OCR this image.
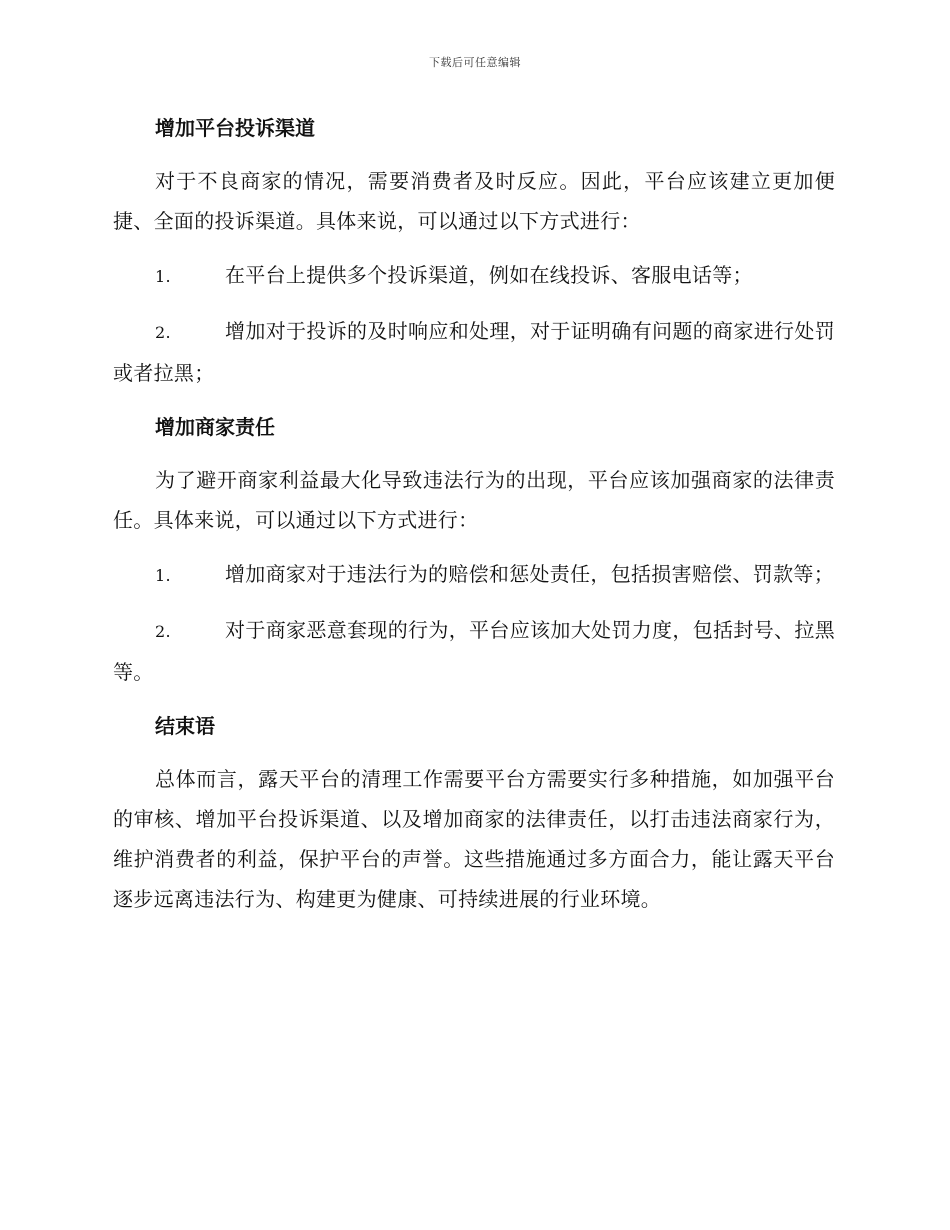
下载后可任意编辑
增加平台投诉渠道

对于不良商家的情况，需要消费者及时反应。因此，平台应该建立更加便捷、全面的投诉渠道。具体来说，可以通过以下方式进行：

1.	在平台上提供多个投诉渠道，例如在线投诉、客服电话等；

2.	增加对于投诉的及时响应和处理，对于证明确有问题的商家进行处罚或者拉黑；

增加商家责任

为了避开商家利益最大化导致违法行为的出现，平台应该加强商家的法律责任。具体来说，可以通过以下方式进行：

1.	增加商家对于违法行为的赔偿和惩处责任，包括损害赔偿、罚款等；

2.	对于商家恶意套现的行为，平台应该加大处罚力度，包括封号、拉黑等。

结束语

总体而言，露天平台的清理工作需要平台方需要实行多种措施，如加强平台的审核、增加平台投诉渠道、以及增加商家的法律责任，以打击违法商家行为，维护消费者的利益，保护平台的声誉。这些措施通过多方面合力，能让露天平台逐步远离违法行为、构建更为健康、可持续进展的行业环境。
